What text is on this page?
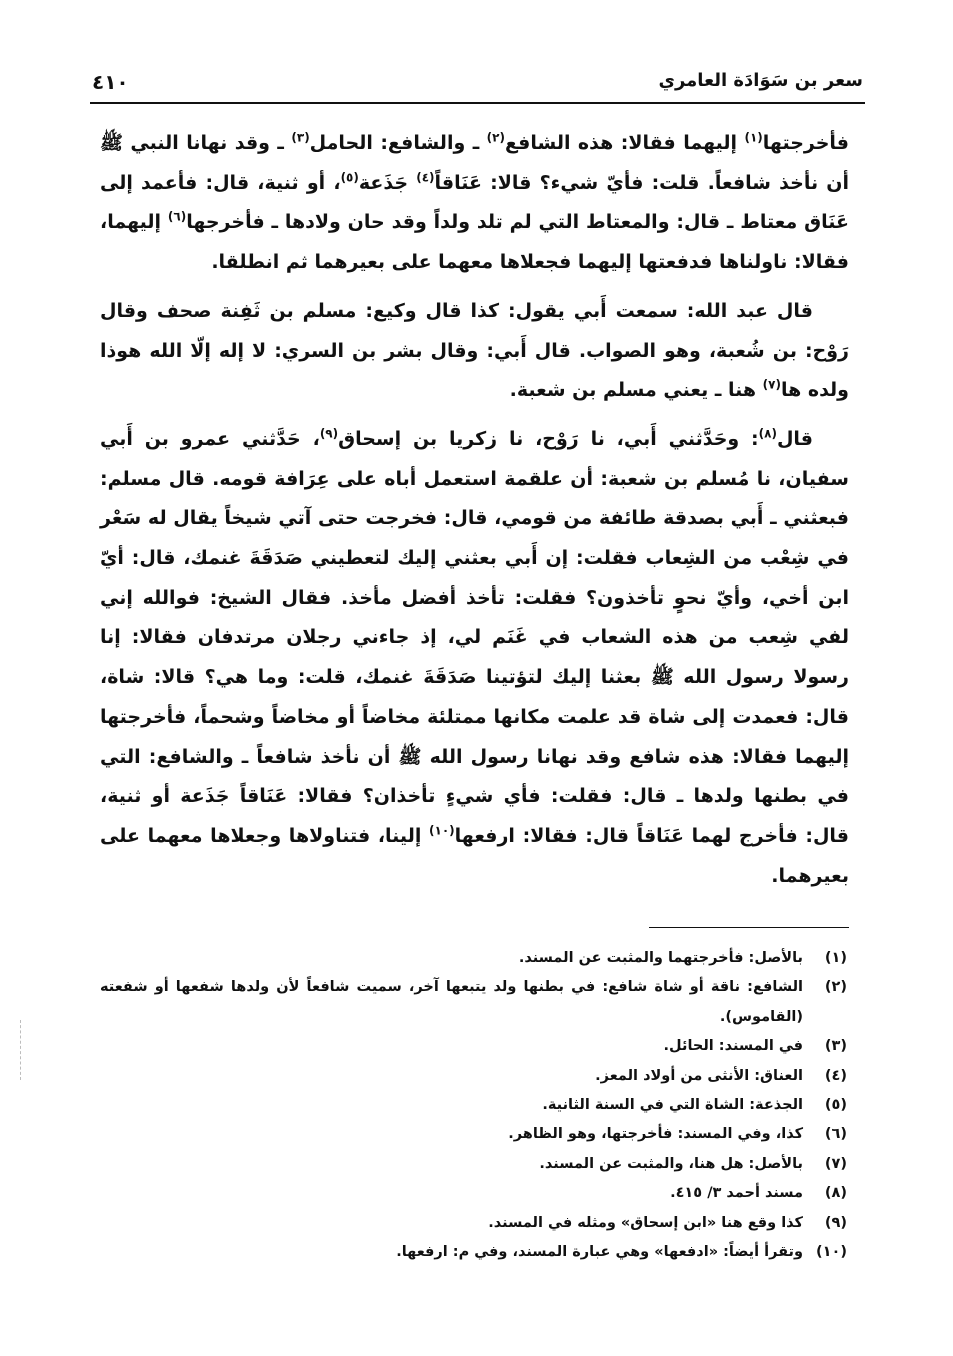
سعر بن سَوَادَة العامري
٤١٠

فأخرجتها$^{(١)}$ إليهما فقالا: هذه الشافع$^{(٢)}$ ـ والشافع: الحامل$^{(٣)}$ ـ وقد نهانا النبي ﷺ أن نأخذ شافعاً. قلت: فأيّ شيء؟ قالا: عَنَاقاً$^{(٤)}$ جَذَعة$^{(٥)}$، أو ثنية، قال: فأعمد إلى عَنَاق معتاط ـ قال: والمعتاط التي لم تلد ولداً وقد حان ولادها ـ فأخرجها$^{(٦)}$ إليهما، فقالا: ناولناها فدفعتها إليهما فجعلاها معهما على بعيرهما ثم انطلقا.

قال عبد الله: سمعت أَبي يقول: كذا قال وكيع: مسلم بن ثَفِنة صحف وقال رَوْح: بن شُعبة، وهو الصواب. قال أَبي: وقال بشر بن السري: لا إله إلّا الله هوذا ولده ها$^{(٧)}$ هنا ـ يعني مسلم بن شعبة.

قال$^{(٨)}$: وحَدَّثني أَبي، نا رَوْح، نا زكريا بن إسحاق$^{(٩)}$، حَدَّثني عمرو بن أَبي سفيان، نا مُسلم بن شعبة: أن علقمة استعمل أباه على عِرَافة قومه. قال مسلم: فبعثني ـ أَبي بصدقة طائفة من قومي، قال: فخرجت حتى آتي شيخاً يقال له سَعْر في شِعْب من الشِعاب فقلت: إن أَبي بعثني إليك لتعطيني صَدَقَةَ غنمك، قال: أيّ ابن أخي، وأيّ نحوٍ تأخذون؟ فقلت: تأخذ أفضل مأخذ. فقال الشيخ: فوالله إني لفي شِعب من هذه الشعاب في غَنَم لي، إذ جاءني رجلان مرتدفان فقالا: إنا رسولا رسول الله ﷺ بعثنا إليك لتؤتينا صَدَقَةَ غنمك، قلت: وما هي؟ قالا: شاة، قال: فعمدت إلى شاة قد علمت مكانها ممتلئة مخاضاً أو مخاضاً وشحماً، فأخرجتها إليهما فقالا: هذه شافع وقد نهانا رسول الله ﷺ أن نأخذ شافعاً ـ والشافع: التي في بطنها ولدها ـ قال: فقلت: فأي شيءٍ تأخذان؟ فقالا: عَنَاقاً جَذَعة أو ثنية، قال: فأخرج لهما عَنَاقاً قال: فقالا: ارفعها$^{(١٠)}$ إلينا، فتناولاها وجعلاها معهما على بعيرهما.

(١)
بالأصل: فأخرجتهما والمثبت عن المسند.
(٢)
الشافع: ناقة أو شاة شافع: في بطنها ولد يتبعها آخر، سميت شافعاً لأن ولدها شفعها أو شفعته (القاموس).
(٣)
في المسند: الحائل.
(٤)
العناق: الأنثى من أولاد المعز.
(٥)
الجذعة: الشاة التي في السنة الثانية.
(٦)
كذا، وفي المسند: فأخرجتها، وهو الظاهر.
(٧)
بالأصل: هل هنا، والمثبت عن المسند.
(٨)
مسند أحمد ٣/ ٤١٥.
(٩)
كذا وقع هنا «ابن إسحاق» ومثله في المسند.
(١٠)
وتقرأ أيضاً: «ادفعها» وهي عبارة المسند، وفي م: ارفعها.
